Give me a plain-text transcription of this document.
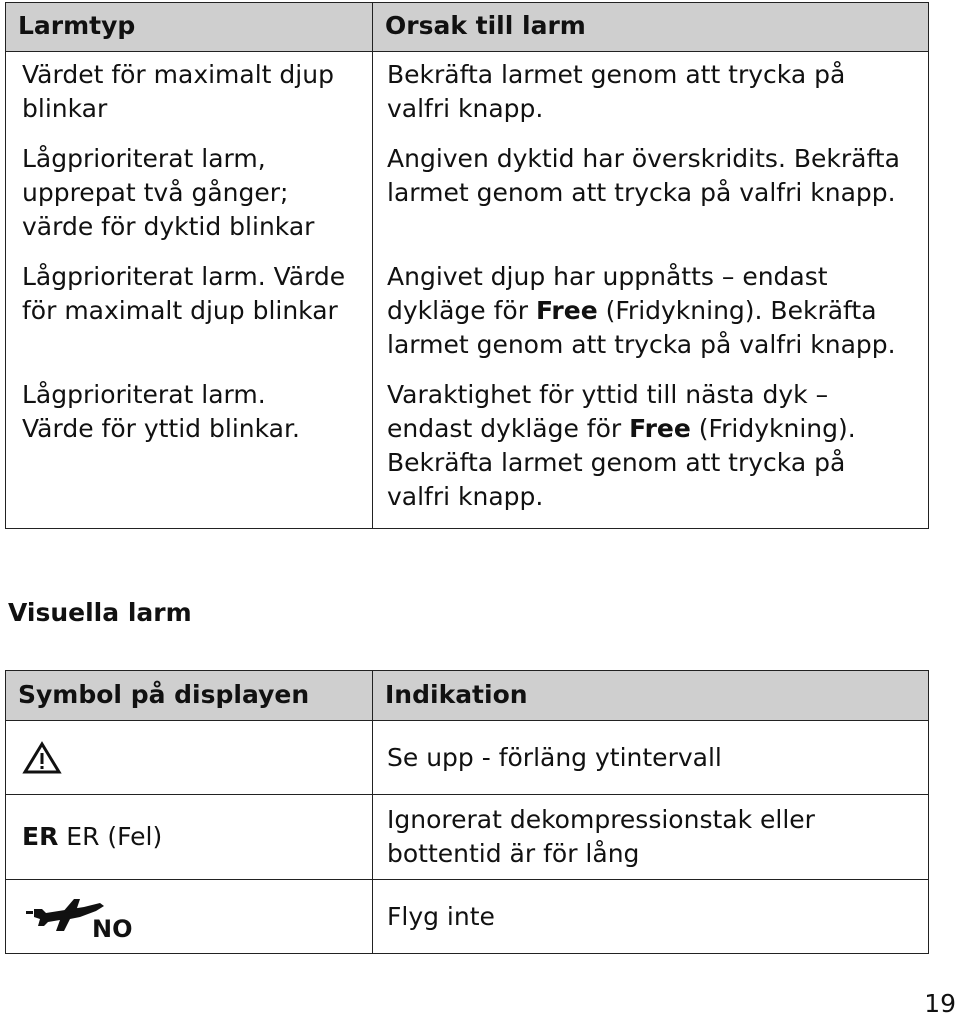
Larmtyp	Orsak till larm
Värdet för maximalt djup blinkar	Bekräfta larmet genom att trycka på valfri knapp.
Lågprioriterat larm, upprepat två gånger; värde för dyktid blinkar	Angiven dyktid har överskridits. Bekräfta larmet genom att trycka på valfri knapp.
Lågprioriterat larm. Värde för maximalt djup blinkar	Angivet djup har uppnåtts – endast dykläge för Free (Fridykning). Bekräfta larmet genom att trycka på valfri knapp.

Lågprioriterat larm.
Värde för yttid blinkar.	Varaktighet för yttid till nästa dyk – endast dykläge för Free (Fridykning). Bekräfta larmet genom att trycka på valfri knapp.
Visuella larm
Symbol på displayen	Indikation

	Se upp - förläng ytintervall
ER ER (Fel)	Ignorerat dekompressionstak eller bottentid är för lång

NO	Flyg inte
19
